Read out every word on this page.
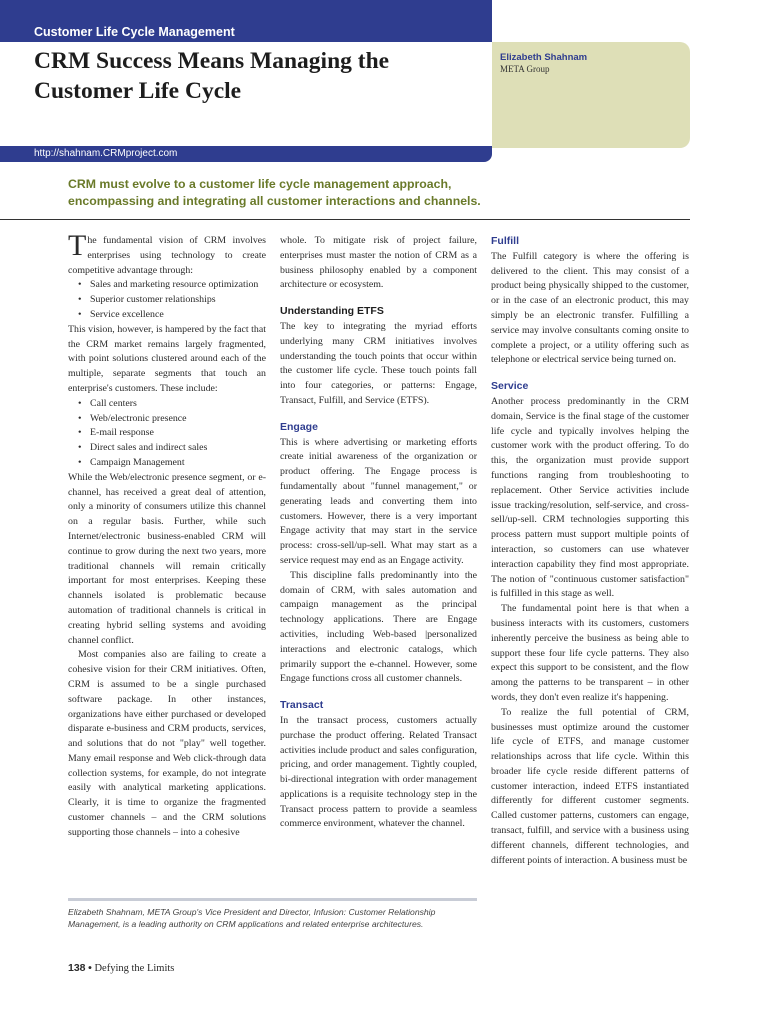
Customer Life Cycle Management
CRM Success Means Managing the Customer Life Cycle
http://shahnam.CRMproject.com
Elizabeth Shahnam
META Group
CRM must evolve to a customer life cycle management approach, encompassing and integrating all customer interactions and channels.

The fundamental vision of CRM involves enterprises using technology to create competitive advantage through:

• Sales and marketing resource optimization
• Superior customer relationships
• Service excellence

This vision, however, is hampered by the fact that the CRM market remains largely fragmented, with point solutions clustered around each of the multiple, separate segments that touch an enterprise's customers. These include:

• Call centers
• Web/electronic presence
• E-mail response
• Direct sales and indirect sales
• Campaign Management

While the Web/electronic presence segment, or e-channel, has received a great deal of attention, only a minority of consumers utilize this channel on a regular basis. Further, while such Internet/electronic business-enabled CRM will continue to grow during the next two years, more traditional channels will remain critically important for most enterprises. Keeping these channels isolated is problematic because automation of traditional channels is critical in creating hybrid selling systems and avoiding channel conflict.

Most companies also are failing to create a cohesive vision for their CRM initiatives. Often, CRM is assumed to be a single purchased software package. In other instances, organizations have either purchased or developed disparate e-business and CRM products, services, and solutions that do not "play" well together. Many email response and Web click-through data collection systems, for example, do not integrate easily with analytical marketing applications. Clearly, it is time to organize the fragmented customer channels – and the CRM solutions supporting those channels – into a cohesive

whole. To mitigate risk of project failure, enterprises must master the notion of CRM as a business philosophy enabled by a component architecture or ecosystem.

Understanding ETFS

The key to integrating the myriad efforts underlying many CRM initiatives involves understanding the touch points that occur within the customer life cycle. These touch points fall into four categories, or patterns: Engage, Transact, Fulfill, and Service (ETFS).

Engage

This is where advertising or marketing efforts create initial awareness of the organization or product offering. The Engage process is fundamentally about "funnel management," or generating leads and converting them into customers. However, there is a very important Engage activity that may start in the service process: cross-sell/up-sell. What may start as a service request may end as an Engage activity.

This discipline falls predominantly into the domain of CRM, with sales automation and campaign management as the principal technology applications. There are Engage activities, including Web-based |personalized interactions and electronic catalogs, which primarily support the e-channel. However, some Engage functions cross all customer channels.

Transact

In the transact process, customers actually purchase the product offering. Related Transact activities include product and sales configuration, pricing, and order management. Tightly coupled, bi-directional integration with order management applications is a requisite technology step in the Transact process pattern to provide a seamless commerce environment, whatever the channel.

Fulfill

The Fulfill category is where the offering is delivered to the client. This may consist of a product being physically shipped to the customer, or in the case of an electronic product, this may simply be an electronic transfer. Fulfilling a service may involve consultants coming onsite to complete a project, or a utility offering such as telephone or electrical service being turned on.

Service

Another process predominantly in the CRM domain, Service is the final stage of the customer life cycle and typically involves helping the customer work with the product offering. To do this, the organization must provide support functions ranging from troubleshooting to replacement. Other Service activities include issue tracking/resolution, self-service, and cross-sell/up-sell. CRM technologies supporting this process pattern must support multiple points of interaction, so customers can use whatever interaction capability they find most appropriate. The notion of "continuous customer satisfaction" is fulfilled in this stage as well.

The fundamental point here is that when a business interacts with its customers, customers inherently perceive the business as being able to support these four life cycle patterns. They also expect this support to be consistent, and the flow among the patterns to be transparent – in other words, they don't even realize it's happening.

To realize the full potential of CRM, businesses must optimize around the customer life cycle of ETFS, and manage customer relationships across that life cycle. Within this broader life cycle reside different patterns of customer interaction, indeed ETFS instantiated differently for different customer segments. Called customer patterns, customers can engage, transact, fulfill, and service with a business using different channels, different technologies, and different points of interaction. A business must be

Elizabeth Shahnam, META Group's Vice President and Director, Infusion: Customer Relationship Management, is a leading authority on CRM applications and related enterprise architectures.
138 • Defying the Limits
